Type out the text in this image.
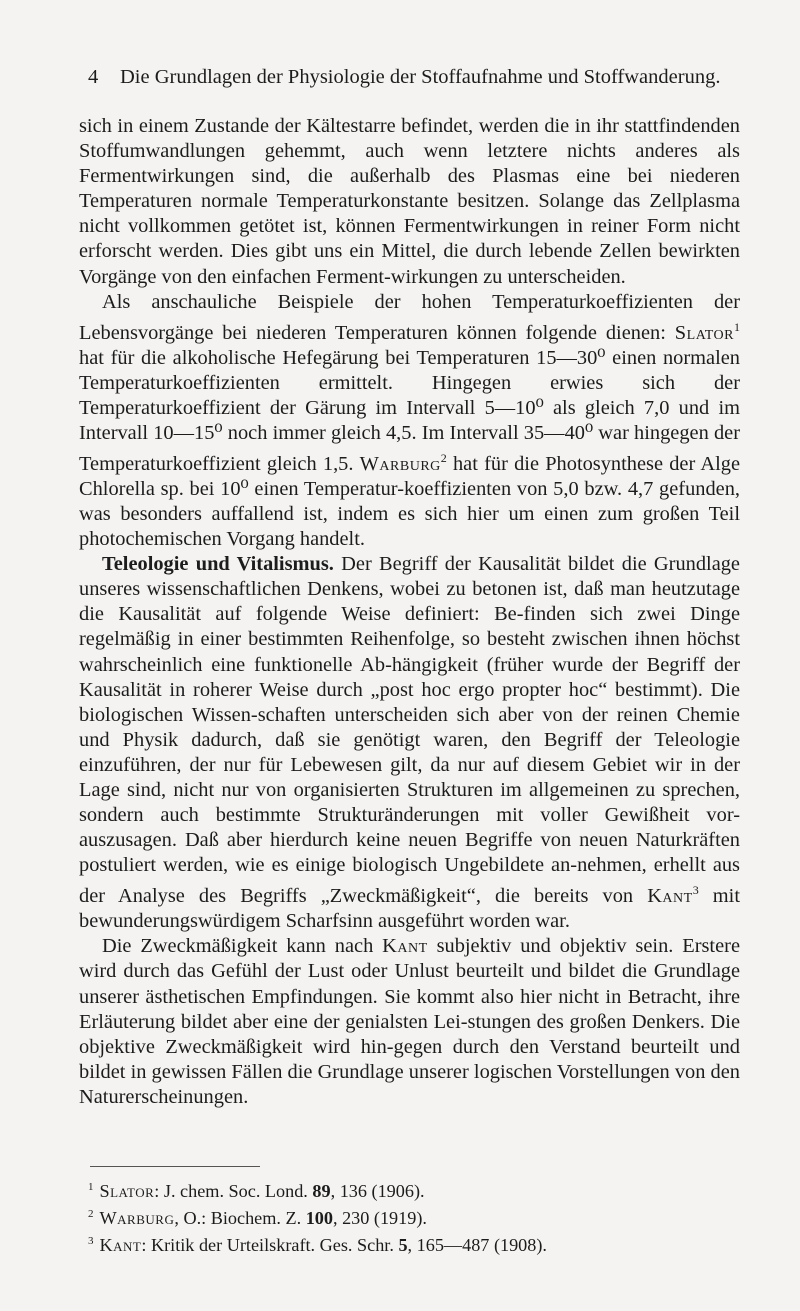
4 Die Grundlagen der Physiologie der Stoffaufnahme und Stoffwanderung.

sich in einem Zustande der Kältestarre befindet, werden die in ihr stattfindenden Stoffumwandlungen gehemmt, auch wenn letztere nichts anderes als Fermentwirkungen sind, die außerhalb des Plasmas eine bei niederen Temperaturen normale Temperaturkonstante besitzen. Solange das Zellplasma nicht vollkommen getötet ist, können Fermentwirkungen in reiner Form nicht erforscht werden. Dies gibt uns ein Mittel, die durch lebende Zellen bewirkten Vorgänge von den einfachen Ferment-wirkungen zu unterscheiden.

Als anschauliche Beispiele der hohen Temperaturkoeffizienten der Lebensvorgänge bei niederen Temperaturen können folgende dienen: Slator$^1$ hat für die alkoholische Hefegärung bei Temperaturen 15—30⁰ einen normalen Temperaturkoeffizienten ermittelt. Hingegen erwies sich der Temperaturkoeffizient der Gärung im Intervall 5—10⁰ als gleich 7,0 und im Intervall 10—15⁰ noch immer gleich 4,5. Im Intervall 35—40⁰ war hingegen der Temperaturkoeffizient gleich 1,5. Warburg$^2$ hat für die Photosynthese der Alge Chlorella sp. bei 10⁰ einen Temperatur-koeffizienten von 5,0 bzw. 4,7 gefunden, was besonders auffallend ist, indem es sich hier um einen zum großen Teil photochemischen Vorgang handelt.

Teleologie und Vitalismus. Der Begriff der Kausalität bildet die Grundlage unseres wissenschaftlichen Denkens, wobei zu betonen ist, daß man heutzutage die Kausalität auf folgende Weise definiert: Be-finden sich zwei Dinge regelmäßig in einer bestimmten Reihenfolge, so besteht zwischen ihnen höchst wahrscheinlich eine funktionelle Ab-hängigkeit (früher wurde der Begriff der Kausalität in roherer Weise durch „post hoc ergo propter hoc“ bestimmt). Die biologischen Wissen-schaften unterscheiden sich aber von der reinen Chemie und Physik dadurch, daß sie genötigt waren, den Begriff der Teleologie einzuführen, der nur für Lebewesen gilt, da nur auf diesem Gebiet wir in der Lage sind, nicht nur von organisierten Strukturen im allgemeinen zu sprechen, sondern auch bestimmte Strukturänderungen mit voller Gewißheit vor-auszusagen. Daß aber hierdurch keine neuen Begriffe von neuen Naturkräften postuliert werden, wie es einige biologisch Ungebildete an-nehmen, erhellt aus der Analyse des Begriffs „Zweckmäßigkeit“, die bereits von Kant$^3$ mit bewunderungswürdigem Scharfsinn ausgeführt worden war.

Die Zweckmäßigkeit kann nach Kant subjektiv und objektiv sein. Erstere wird durch das Gefühl der Lust oder Unlust beurteilt und bildet die Grundlage unserer ästhetischen Empfindungen. Sie kommt also hier nicht in Betracht, ihre Erläuterung bildet aber eine der genialsten Lei-stungen des großen Denkers. Die objektive Zweckmäßigkeit wird hin-gegen durch den Verstand beurteilt und bildet in gewissen Fällen die Grundlage unserer logischen Vorstellungen von den Naturerscheinungen.

$^1$ Slator: J. chem. Soc. Lond. 89, 136 (1906).
$^2$ Warburg, O.: Biochem. Z. 100, 230 (1919).
$^3$ Kant: Kritik der Urteilskraft. Ges. Schr. 5, 165—487 (1908).
